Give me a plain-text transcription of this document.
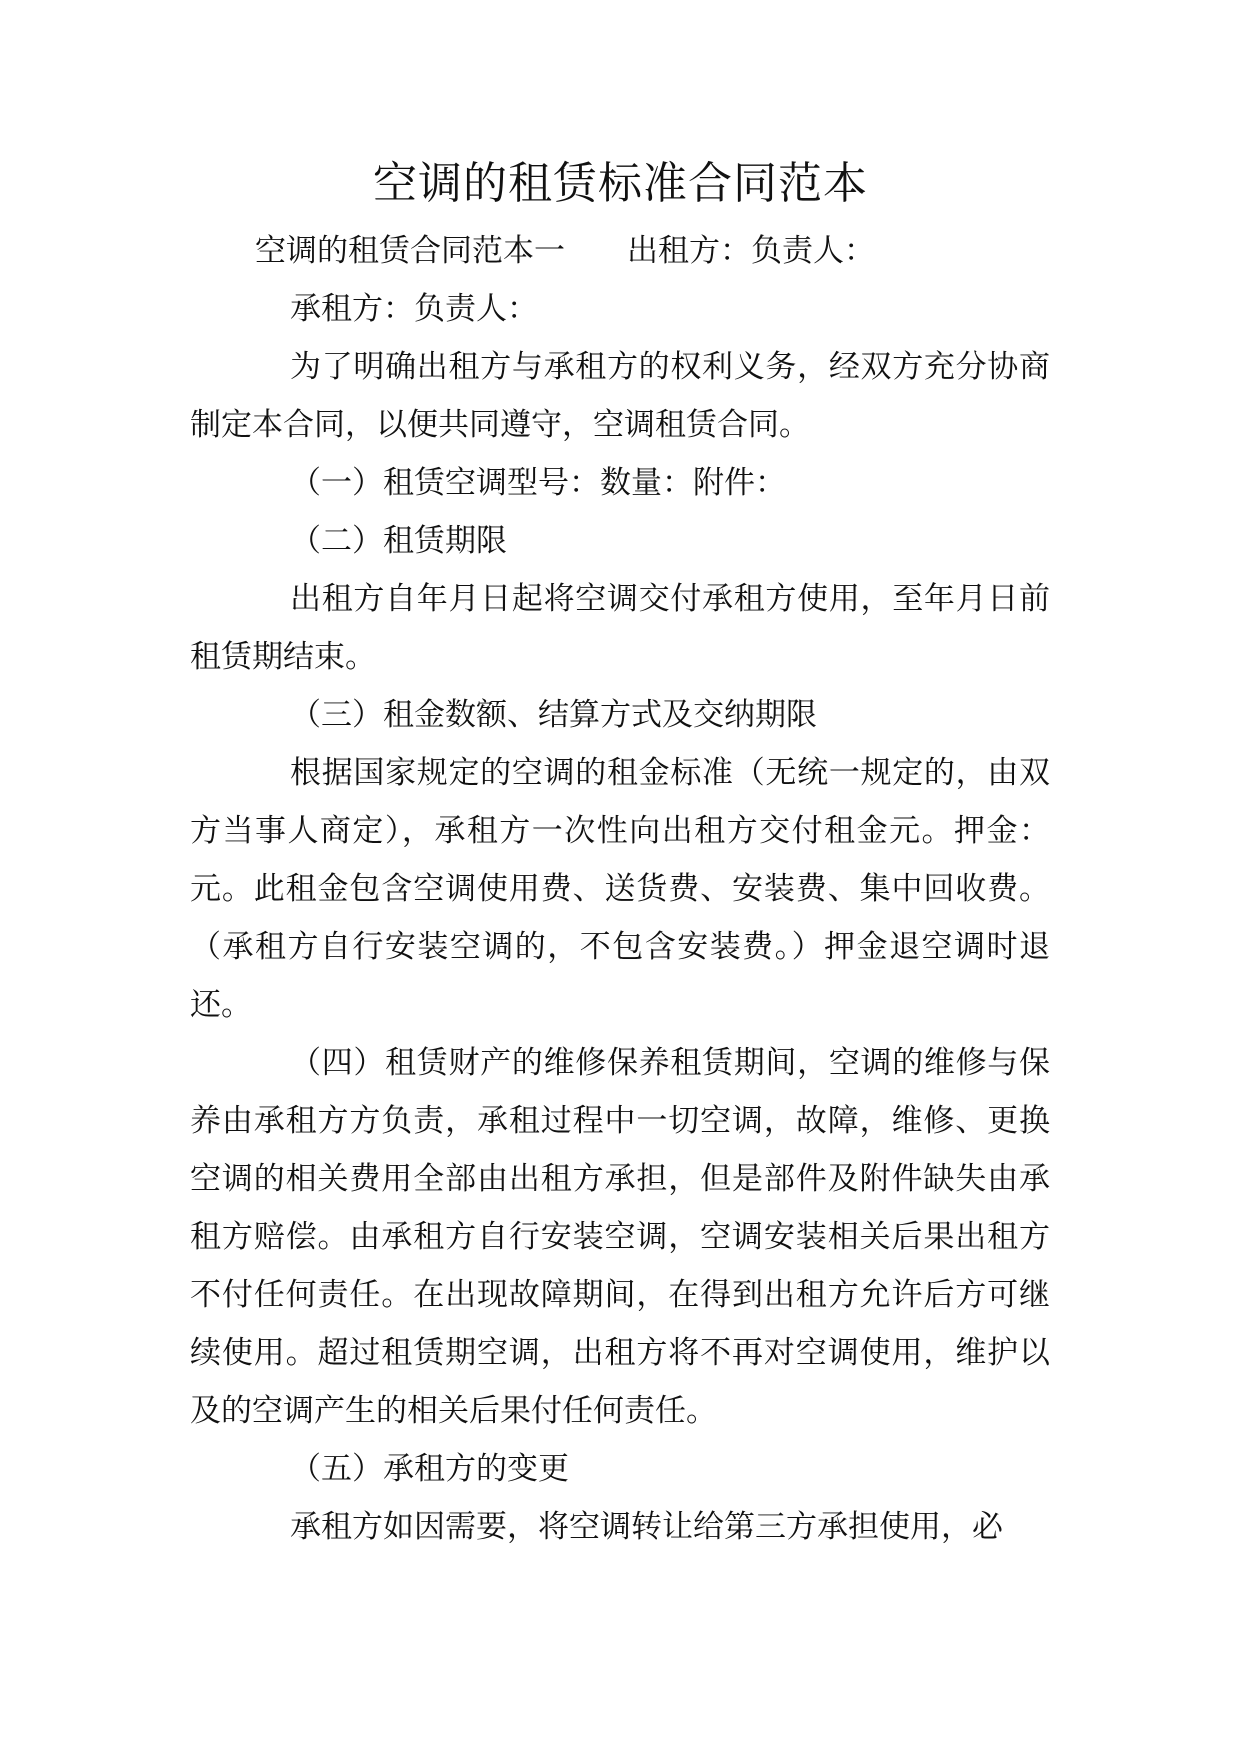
空调的租赁标准合同范本

空调的租赁合同范本一 出租方：负责人：

承租方：负责人：

为了明确出租方与承租方的权利义务，经双方充分协商制定本合同，以便共同遵守，空调租赁合同。

（一）租赁空调型号：数量：附件：

（二）租赁期限

出租方自年月日起将空调交付承租方使用，至年月日前租赁期结束。

（三）租金数额、结算方式及交纳期限

根据国家规定的空调的租金标准（无统一规定的，由双方当事人商定），承租方一次性向出租方交付租金元。押金：元。此租金包含空调使用费、送货费、安装费、集中回收费。（承租方自行安装空调的，不包含安装费。）押金退空调时退还。

（四）租赁财产的维修保养租赁期间，空调的维修与保养由承租方方负责，承租过程中一切空调，故障，维修、更换空调的相关费用全部由出租方承担，但是部件及附件缺失由承租方赔偿。由承租方自行安装空调，空调安装相关后果出租方不付任何责任。在出现故障期间，在得到出租方允许后方可继续使用。超过租赁期空调，出租方将不再对空调使用，维护以及的空调产生的相关后果付任何责任。

（五）承租方的变更

承租方如因需要，将空调转让给第三方承担使用，必
